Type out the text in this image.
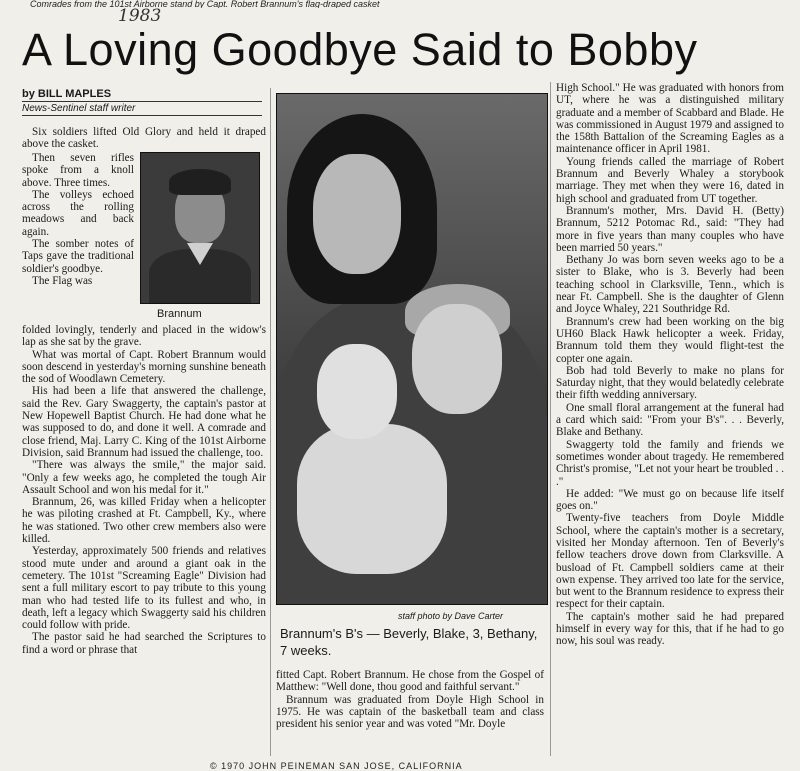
Comrades from the 101st Airborne stand by Capt. Robert Brannum's flag-draped casket
1983
A Loving Goodbye Said to Bobby
by BILL MAPLES
News-Sentinel staff writer

Six soldiers lifted Old Glory and held it draped above the casket.

Then seven rifles spoke from a knoll above. Three times.

The volleys echoed across the rolling meadows and back again.

The somber notes of Taps gave the traditional soldier's goodbye.

The Flag was

folded lovingly, tenderly and placed in the widow's lap as she sat by the grave.

What was mortal of Capt. Robert Brannum would soon descend in yesterday's morning sunshine beneath the sod of Woodlawn Cemetery.

His had been a life that answered the challenge, said the Rev. Gary Swaggerty, the captain's pastor at New Hopewell Baptist Church. He had done what he was supposed to do, and done it well. A comrade and close friend, Maj. Larry C. King of the 101st Airborne Division, said Brannum had issued the challenge, too.

"There was always the smile," the major said. "Only a few weeks ago, he completed the tough Air Assault School and won his medal for it."

Brannum, 26, was killed Friday when a helicopter he was piloting crashed at Ft. Campbell, Ky., where he was stationed. Two other crew members also were killed.

Yesterday, approximately 500 friends and relatives stood mute under and around a giant oak in the cemetery. The 101st "Screaming Eagle" Division had sent a full military escort to pay tribute to this young man who had tested life to its fullest and who, in death, left a legacy which Swaggerty said his children could follow with pride.

The pastor said he had searched the Scriptures to find a word or phrase that

Brannum
staff photo by Dave Carter
Brannum's B's — Beverly, Blake, 3, Bethany, 7 weeks.

fitted Capt. Robert Brannum. He chose from the Gospel of Matthew: "Well done, thou good and faithful servant."

Brannum was graduated from Doyle High School in 1975. He was captain of the basketball team and class president his senior year and was voted "Mr. Doyle

High School." He was graduated with honors from UT, where he was a distinguished military graduate and a member of Scabbard and Blade. He was commissioned in August 1979 and assigned to the 158th Battalion of the Screaming Eagles as a maintenance officer in April 1981.

Young friends called the marriage of Robert Brannum and Beverly Whaley a storybook marriage. They met when they were 16, dated in high school and graduated from UT together.

Brannum's mother, Mrs. David H. (Betty) Brannum, 5212 Potomac Rd., said: "They had more in five years than many couples who have been married 50 years."

Bethany Jo was born seven weeks ago to be a sister to Blake, who is 3. Beverly had been teaching school in Clarksville, Tenn., which is near Ft. Campbell. She is the daughter of Glenn and Joyce Whaley, 221 Southridge Rd.

Brannum's crew had been working on the big UH60 Black Hawk helicopter a week. Friday, Brannum told them they would flight-test the copter one again.

Bob had told Beverly to make no plans for Saturday night, that they would belatedly celebrate their fifth wedding anniversary.

One small floral arrangement at the funeral had a card which said: "From your B's". . . Beverly, Blake and Bethany.

Swaggerty told the family and friends we sometimes wonder about tragedy. He remembered Christ's promise, "Let not your heart be troubled . . ."

He added: "We must go on because life itself goes on."

Twenty-five teachers from Doyle Middle School, where the captain's mother is a secretary, visited her Monday afternoon. Ten of Beverly's fellow teachers drove down from Clarksville. A busload of Ft. Campbell soldiers came at their own expense. They arrived too late for the service, but went to the Brannum residence to express their respect for their captain.

The captain's mother said he had prepared himself in every way for this, that if he had to go now, his soul was ready.

© 1970 JOHN PEINEMAN SAN JOSE, CALIFORNIA
